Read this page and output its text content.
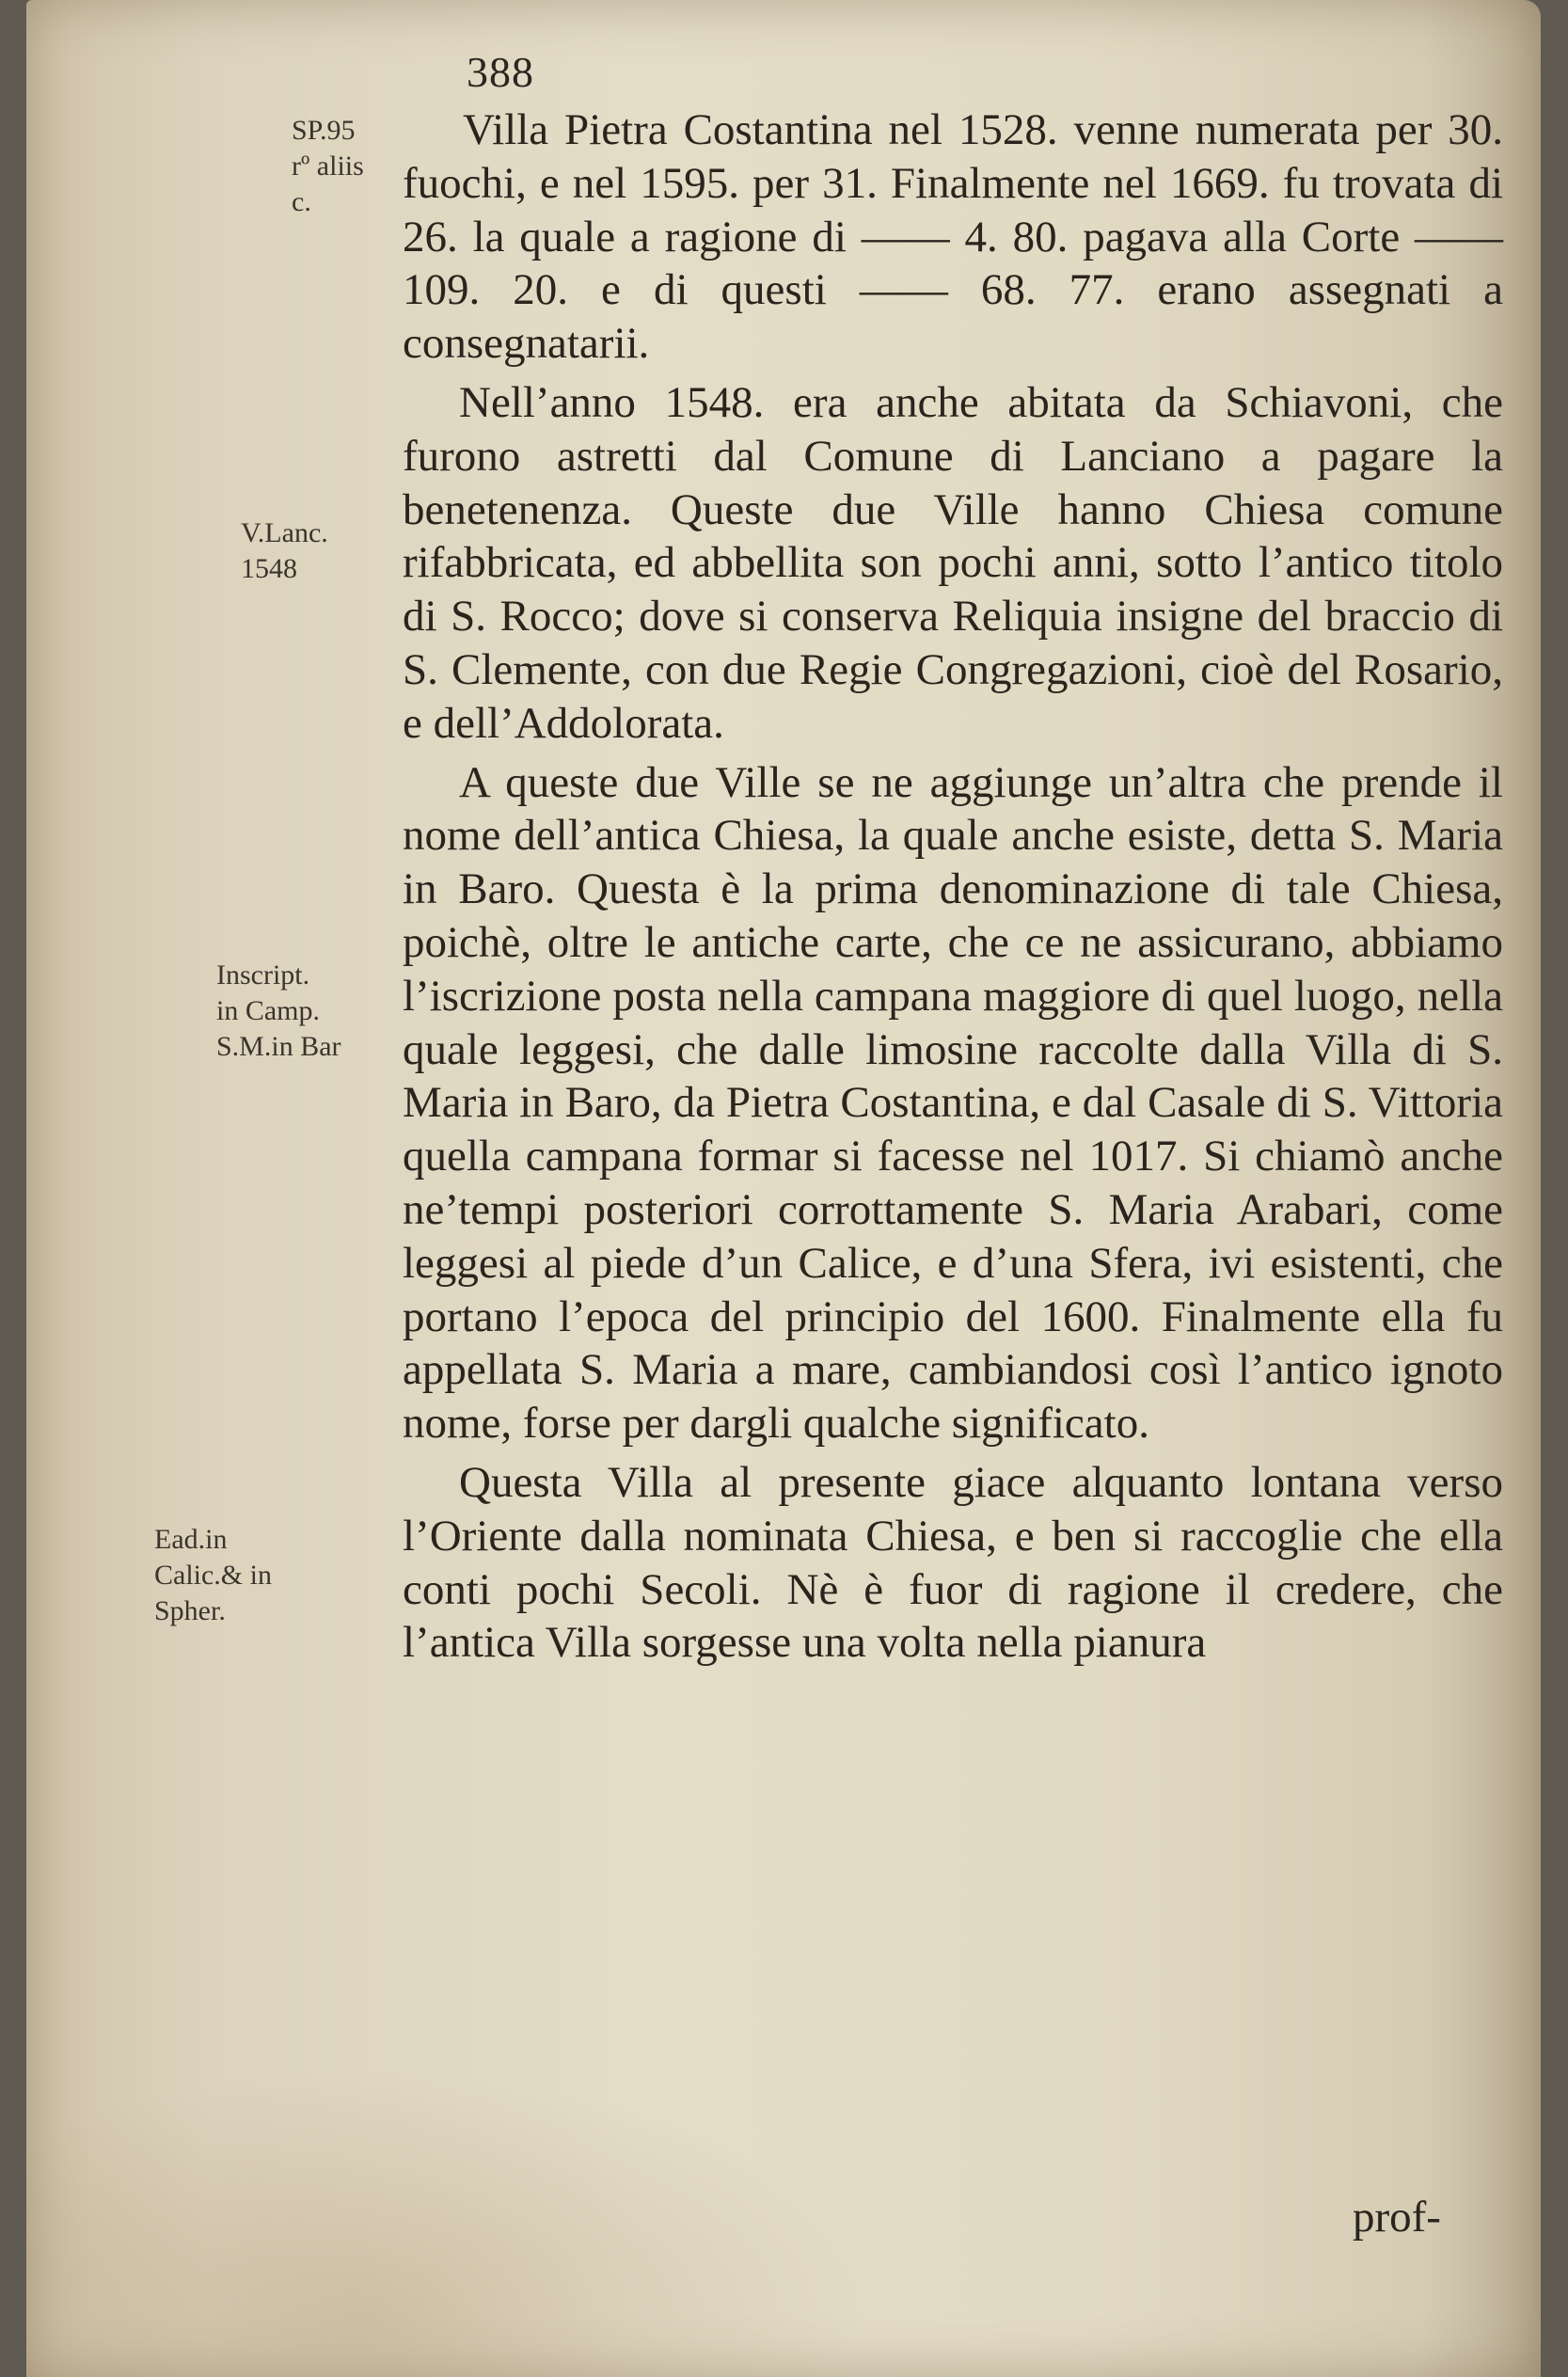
388
SP.95
rº aliis
c.
V.Lanc.
1548
Inscript.
in Camp.
S.M.in Bar
Ead.in
Calic.& in
Spher.

Villa Pietra Costantina nel 1528. venne numerata per 30. fuochi, e nel 1595. per 31. Finalmente nel 1669. fu trovata di 26. la quale a ragione di —— 4. 80. pagava alla Corte —— 109. 20. e di questi —— 68. 77. erano assegnati a consegnatarii.

Nell’anno 1548. era anche abitata da Schiavoni, che furono astretti dal Comune di Lanciano a pagare la benetenenza. Queste due Ville hanno Chiesa comune rifabbricata, ed abbellita son pochi anni, sotto l’antico titolo di S. Rocco; dove si conserva Reliquia insigne del braccio di S. Clemente, con due Regie Congregazioni, cioè del Rosario, e dell’Addolorata.

A queste due Ville se ne aggiunge un’altra che prende il nome dell’antica Chiesa, la quale anche esiste, detta S. Maria in Baro. Questa è la prima denominazione di tale Chiesa, poichè, oltre le antiche carte, che ce ne assicurano, abbiamo l’iscrizione posta nella campana maggiore di quel luogo, nella quale leggesi, che dalle limosine raccolte dalla Villa di S. Maria in Baro, da Pietra Costantina, e dal Casale di S. Vittoria quella campana formar si facesse nel 1017. Si chiamò anche ne’tempi posteriori corrottamente S. Maria Arabari, come leggesi al piede d’un Calice, e d’una Sfera, ivi esistenti, che portano l’epoca del principio del 1600. Finalmente ella fu appellata S. Maria a mare, cambiandosi così l’antico ignoto nome, forse per dargli qualche significato.

Questa Villa al presente giace alquanto lontana verso l’Oriente dalla nominata Chiesa, e ben si raccoglie che ella conti pochi Secoli. Nè è fuor di ragione il credere, che l’antica Villa sorgesse una volta nella pianura

prof-
